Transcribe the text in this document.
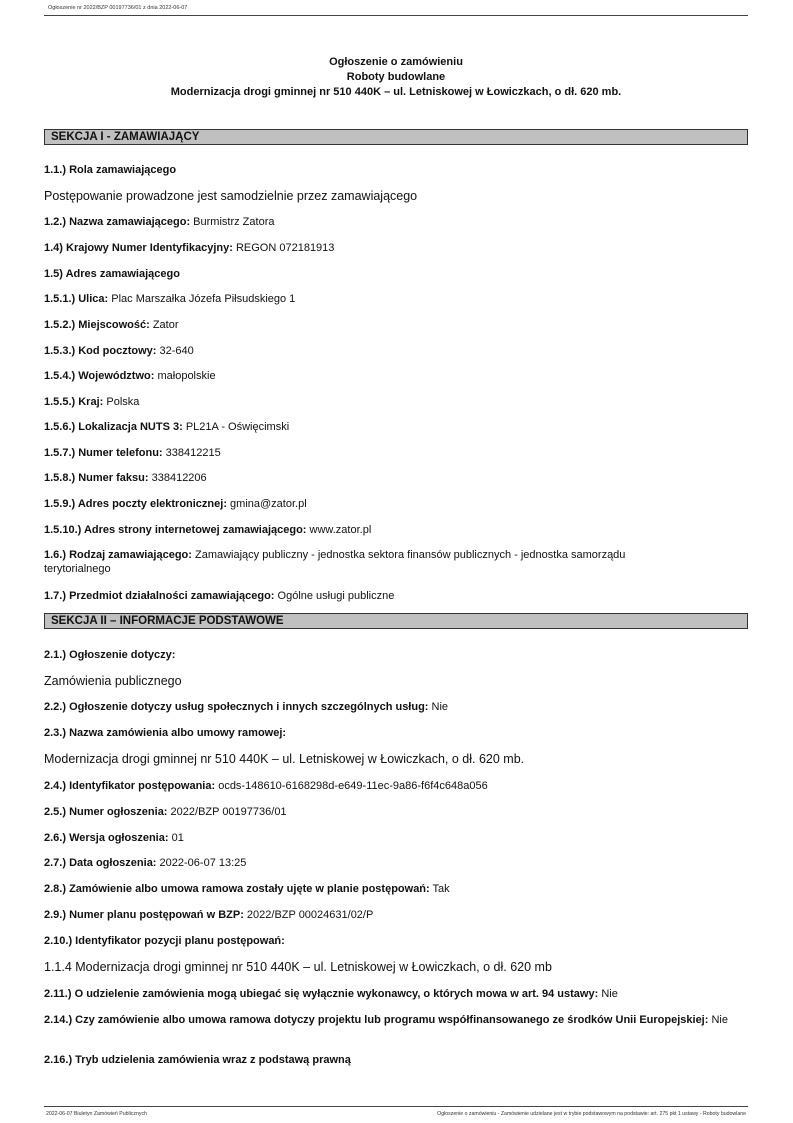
Ogłoszenie nr 2022/BZP 00197736/01 z dnia 2022-06-07
Ogłoszenie o zamówieniu
Roboty budowlane
Modernizacja drogi gminnej nr 510 440K – ul. Letniskowej w Łowiczkach, o dł. 620 mb.
SEKCJA I - ZAMAWIAJĄCY
1.1.) Rola zamawiającego
Postępowanie prowadzone jest samodzielnie przez zamawiającego
1.2.) Nazwa zamawiającego: Burmistrz Zatora
1.4) Krajowy Numer Identyfikacyjny: REGON 072181913
1.5) Adres zamawiającego
1.5.1.) Ulica: Plac Marszałka Józefa Piłsudskiego 1
1.5.2.) Miejscowość: Zator
1.5.3.) Kod pocztowy: 32-640
1.5.4.) Województwo: małopolskie
1.5.5.) Kraj: Polska
1.5.6.) Lokalizacja NUTS 3: PL21A - Oświęcimski
1.5.7.) Numer telefonu: 338412215
1.5.8.) Numer faksu: 338412206
1.5.9.) Adres poczty elektronicznej: gmina@zator.pl
1.5.10.) Adres strony internetowej zamawiającego: www.zator.pl
1.6.) Rodzaj zamawiającego: Zamawiający publiczny - jednostka sektora finansów publicznych - jednostka samorządu terytorialnego
1.7.) Przedmiot działalności zamawiającego: Ogólne usługi publiczne
SEKCJA II – INFORMACJE PODSTAWOWE
2.1.) Ogłoszenie dotyczy:
Zamówienia publicznego
2.2.) Ogłoszenie dotyczy usług społecznych i innych szczególnych usług: Nie
2.3.) Nazwa zamówienia albo umowy ramowej:
Modernizacja drogi gminnej nr 510 440K – ul. Letniskowej w Łowiczkach, o dł. 620 mb.
2.4.) Identyfikator postępowania: ocds-148610-6168298d-e649-11ec-9a86-f6f4c648a056
2.5.) Numer ogłoszenia: 2022/BZP 00197736/01
2.6.) Wersja ogłoszenia: 01
2.7.) Data ogłoszenia: 2022-06-07 13:25
2.8.) Zamówienie albo umowa ramowa zostały ujęte w planie postępowań: Tak
2.9.) Numer planu postępowań w BZP: 2022/BZP 00024631/02/P
2.10.) Identyfikator pozycji planu postępowań:
1.1.4 Modernizacja drogi gminnej nr 510 440K – ul. Letniskowej w Łowiczkach, o dł. 620 mb
2.11.) O udzielenie zamówienia mogą ubiegać się wyłącznie wykonawcy, o których mowa w art. 94 ustawy: Nie
2.14.) Czy zamówienie albo umowa ramowa dotyczy projektu lub programu współfinansowanego ze środków Unii Europejskiej: Nie
2.16.) Tryb udzielenia zamówienia wraz z podstawą prawną
2022-06-07 Biuletyn Zamówień Publicznych	Ogłoszenie o zamówieniu - Zamówienie udzielane jest w trybie podstawowym na podstawie: art. 275 pkt 1 ustawy - Roboty budowlane
